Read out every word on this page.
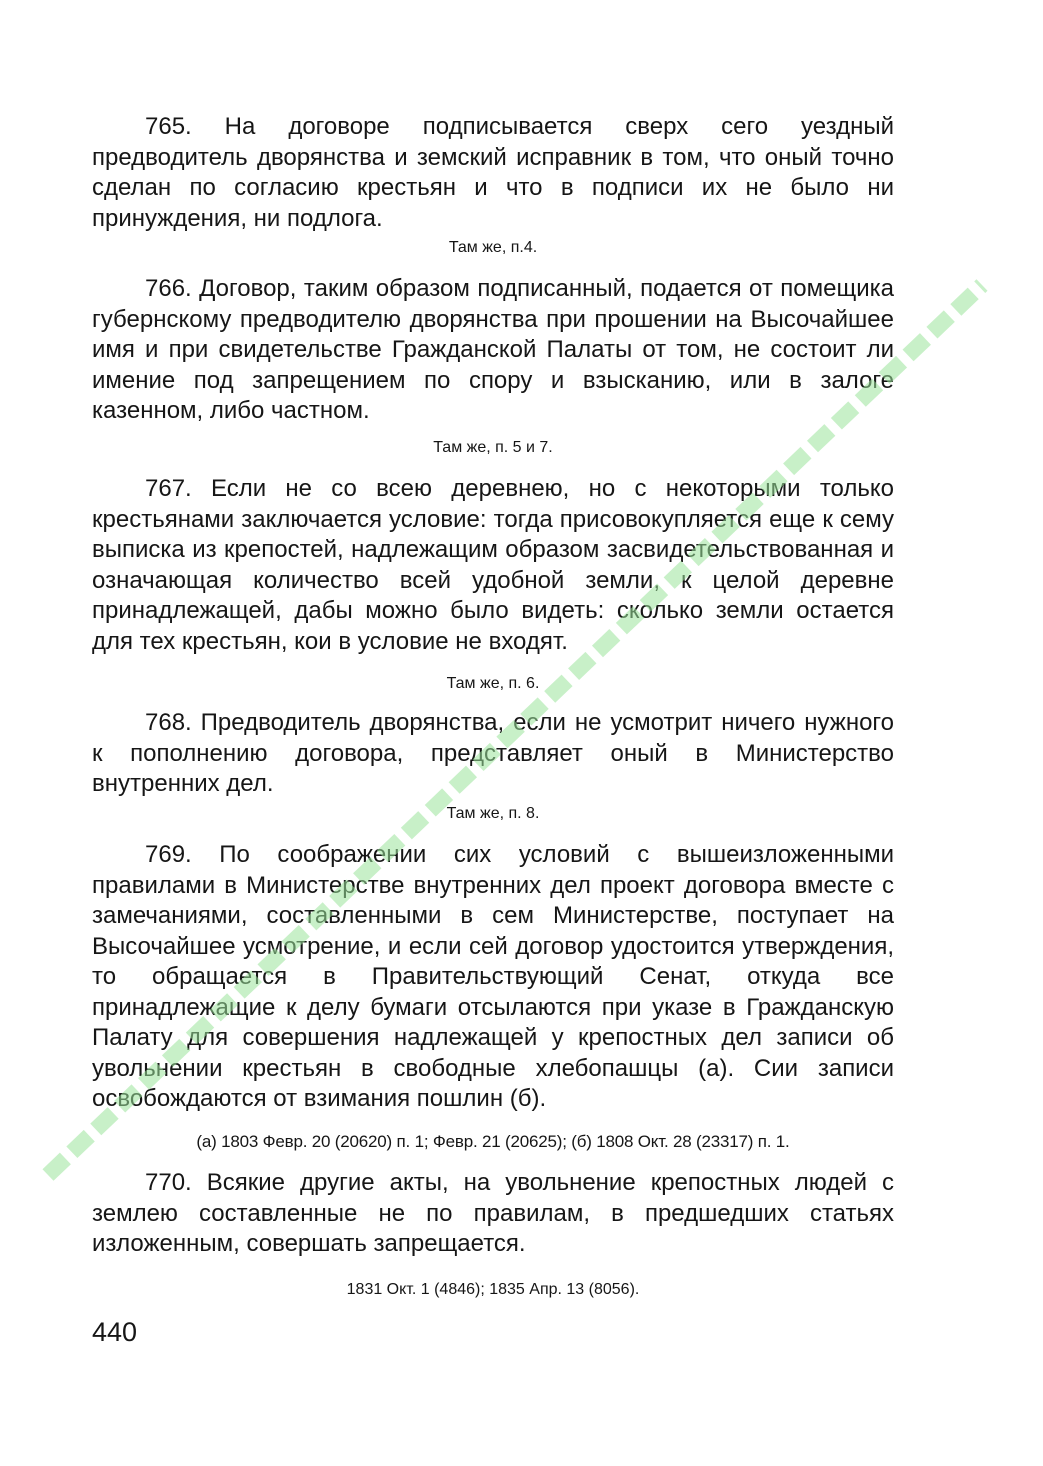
765. На договоре подписывается сверх сего уездный предводитель дворянства и земский исправник в том, что оный точно сделан по согласию крестьян и что в подписи их не было ни принуждения, ни подлога.

Там же, п.4.

766. Договор, таким образом подписанный, подается от помещика губернскому предводителю дворянства при прошении на Высочайшее имя и при свидетельстве Гражданской Палаты от том, не состоит ли имение под запрещением по спору и взысканию, или в залоге казенном, либо частном.

Там же, п. 5 и 7.

767. Если не со всею деревнею, но с некоторыми только крестьянами заключается условие: тогда присовокупляется еще к сему выписка из крепостей, надлежащим образом засвидетельствованная и означающая количество всей удобной земли, к целой деревне принадлежащей, дабы можно было видеть: сколько земли остается для тех крестьян, кои в условие не входят.

Там же, п. 6.

768. Предводитель дворянства, если не усмотрит ничего нужного к пополнению договора, представляет оный в Министерство внутренних дел.

Там же, п. 8.

769. По соображении сих условий с вышеизложенными правилами в Министерстве внутренних дел проект договора вместе с замечаниями, составленными в сем Министерстве, поступает на Высочайшее усмотрение, и если сей договор удостоится утверждения, то обращается в Правительствующий Сенат, откуда все принадлежащие к делу бумаги отсылаются при указе в Гражданскую Палату для совершения надлежащей у крепостных дел записи об увольнении крестьян в свободные хлебопашцы (а). Сии записи освобождаются от взимания пошлин (б).

(а) 1803 Февр. 20 (20620) п. 1; Февр. 21 (20625); (б) 1808 Окт. 28 (23317) п. 1.

770. Всякие другие акты, на увольнение крепостных людей с землею составленные не по правилам, в предшедших статьях изложенным, совершать запрещается.

1831 Окт. 1 (4846); 1835 Апр. 13 (8056).

440
